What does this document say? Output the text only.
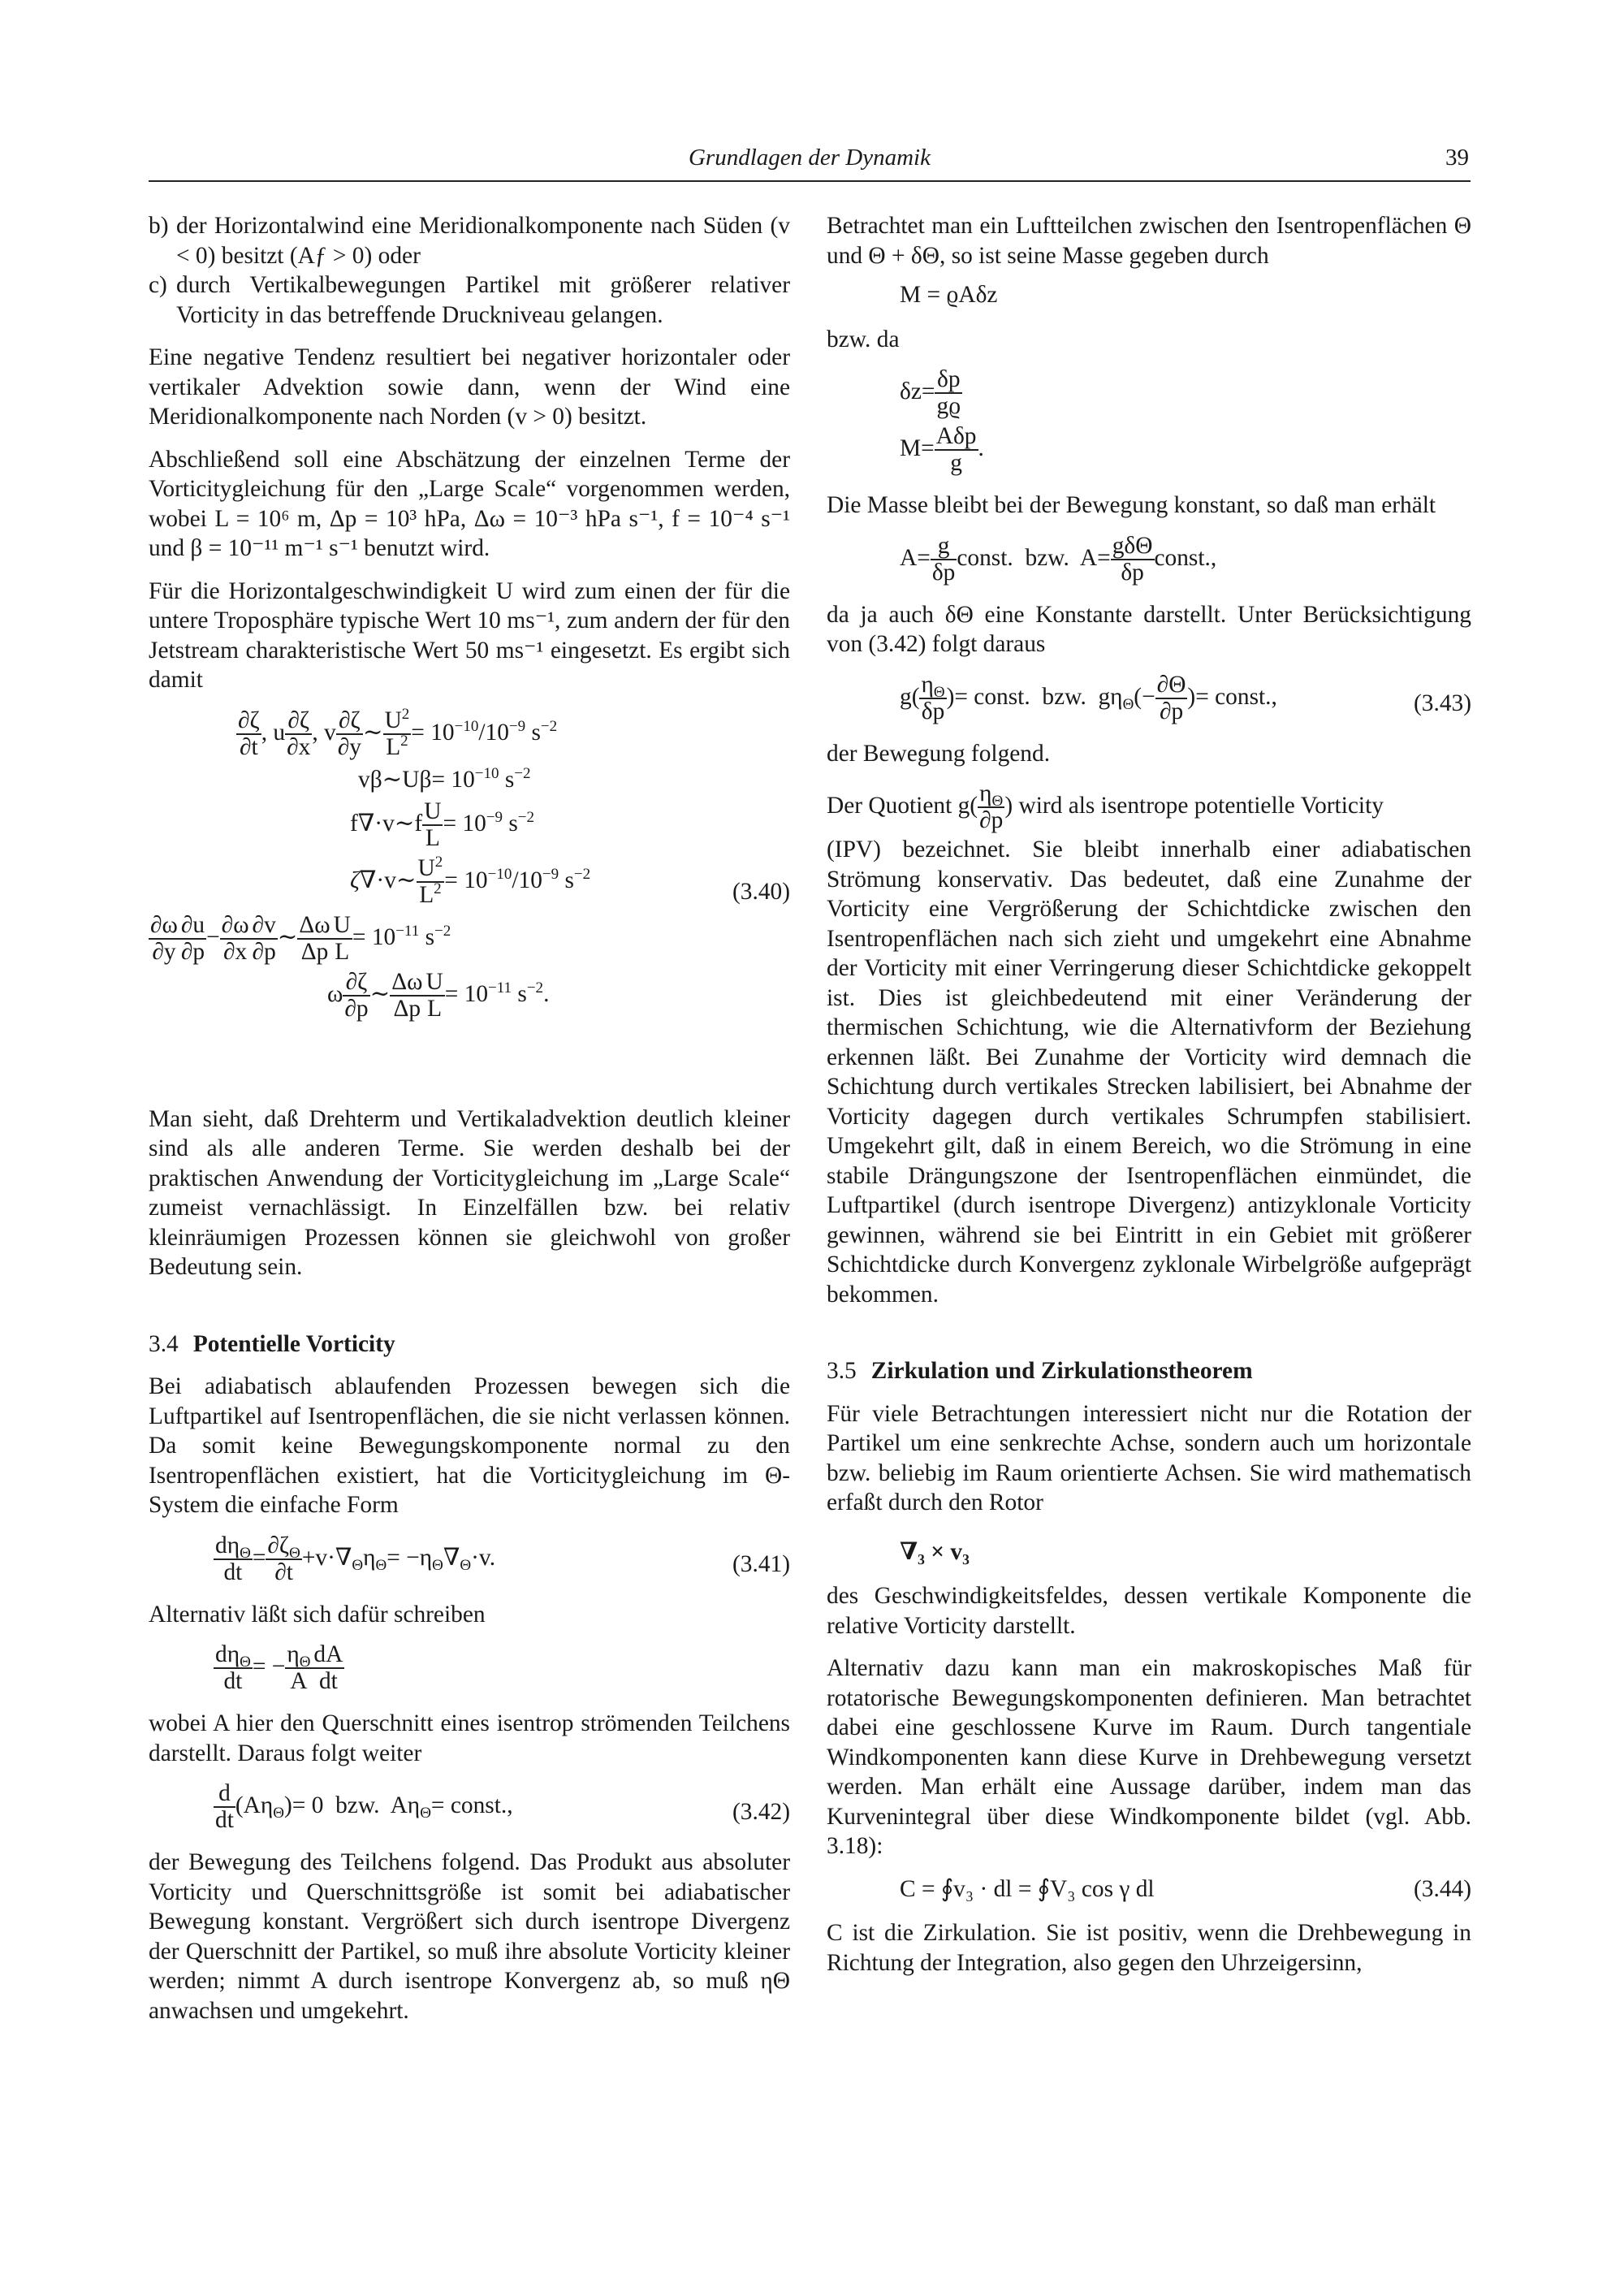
Grundlagen der Dynamik	39
b) der Horizontalwind eine Meridionalkomponente nach Süden (v < 0) besitzt (Aƒ > 0) oder
c) durch Vertikalbewegungen Partikel mit größerer relativer Vorticity in das betreffende Druckniveau gelangen.

Eine negative Tendenz resultiert bei negativer horizontaler oder vertikaler Advektion sowie dann, wenn der Wind eine Meridionalkomponente nach Norden (v > 0) besitzt.

Abschließend soll eine Abschätzung der einzelnen Terme der Vorticitygleichung für den „Large Scale“ vorgenommen werden, wobei L = 10⁶ m, Δp = 10³ hPa, Δω = 10⁻³ hPa s⁻¹, f = 10⁻⁴ s⁻¹ und β = 10⁻¹¹ m⁻¹ s⁻¹ benutzt wird.

Für die Horizontalgeschwindigkeit U wird zum einen der für die untere Troposphäre typische Wert 10 ms⁻¹, zum andern der für den Jetstream charakteristische Wert 50 ms⁻¹ eingesetzt. Es ergibt sich damit

$\frac{\partial\zeta}{\partial t}$ , u $\frac{\partial\zeta}{\partial x}$ , v $\frac{\partial\zeta}{\partial y}$ ∼ $\frac{U^2}{L^2} = 10^{-10}/10^{-9}$ $s^{-2}$
vβ∼Uβ= $10^{-10}$ $s^{-2}$
f∇·v∼f $\frac{U}{L} = 10^{-9}$ $s^{-2}$
ζ∇·v∼ $\frac{U^2}{L^2} = 10^{-10}/10^{-9}$ $s^{-2}$
$\frac{\partial\omega}{\partial y} \frac{\partial u}{\partial p} - \frac{\partial\omega}{\partial x} \frac{\partial v}{\partial p}$ ∼ $\frac{\Delta\omega}{\Delta p} \frac{U}{L} = 10^{-11}$ $s^{-2}$
ω $\frac{\partial\zeta}{\partial p}$ ∼ $\frac{\Delta\omega}{\Delta p} \frac{U}{L} = 10^{-11}$ $s^{-2}$.
(3.40)

Man sieht, daß Drehterm und Vertikaladvektion deutlich kleiner sind als alle anderen Terme. Sie werden deshalb bei der praktischen Anwendung der Vorticitygleichung im „Large Scale“ zumeist vernachlässigt. In Einzelfällen bzw. bei relativ kleinräumigen Prozessen können sie gleichwohl von großer Bedeutung sein.

3.4 Potentielle Vorticity

Bei adiabatisch ablaufenden Prozessen bewegen sich die Luftpartikel auf Isentropenflächen, die sie nicht verlassen können. Da somit keine Bewegungskomponente normal zu den Isentropenflächen existiert, hat die Vorticitygleichung im Θ-System die einfache Form

$\frac{d\eta_\Theta}{dt} = \frac{\partial\zeta_\Theta}{\partial t} +v\cdot\nabla_\Theta\eta_\Theta= -\eta_\Theta\nabla_\Theta\cdot v$.	(3.41)

Alternativ läßt sich dafür schreiben

$\frac{d\eta_\Theta}{dt}$ = − $\frac{\eta_\Theta}{A} \frac{dA}{dt}$

wobei A hier den Querschnitt eines isentrop strömenden Teilchens darstellt. Daraus folgt weiter

$\frac{d}{dt} (A\eta_\Theta)= 0$  bzw.  $A\eta_\Theta=$ const.,	(3.42)

der Bewegung des Teilchens folgend. Das Produkt aus absoluter Vorticity und Querschnittsgröße ist somit bei adiabatischer Bewegung konstant. Vergrößert sich durch isentrope Divergenz der Querschnitt der Partikel, so muß ihre absolute Vorticity kleiner werden; nimmt A durch isentrope Konvergenz ab, so muß ηΘ anwachsen und umgekehrt.

Betrachtet man ein Luftteilchen zwischen den Isentropenflächen Θ und Θ + δΘ, so ist seine Masse gegeben durch

M = ϱAδz

bzw. da

$\delta z= \frac{\delta p}{gϱ}$
$M= \frac{\text{Aδp}}{g}$ .

Die Masse bleibt bei der Bewegung konstant, so daß man erhält

$A= \frac{g}{\delta p}$ const.  bzw.  $A= \frac{\text{gδΘ}}{\delta p}$ const.,

da ja auch δΘ eine Konstante darstellt. Unter Berücksichtigung von (3.42) folgt daraus

$g( \frac{\eta_\Theta}{\delta p}$ )= const.  bzw.  $g\eta_\Theta(- \frac{\partial\Theta}{\partial p}$ )= const.,	(3.43)

der Bewegung folgend.

Der Quotient $g( \frac{\eta_\Theta}{\partial p}$ ) wird als isentrope potentielle Vorticity

(IPV) bezeichnet. Sie bleibt innerhalb einer adiabatischen Strömung konservativ. Das bedeutet, daß eine Zunahme der Vorticity eine Vergrößerung der Schichtdicke zwischen den Isentropenflächen nach sich zieht und umgekehrt eine Abnahme der Vorticity mit einer Verringerung dieser Schichtdicke gekoppelt ist. Dies ist gleichbedeutend mit einer Veränderung der thermischen Schichtung, wie die Alternativform der Beziehung erkennen läßt. Bei Zunahme der Vorticity wird demnach die Schichtung durch vertikales Strecken labilisiert, bei Abnahme der Vorticity dagegen durch vertikales Schrumpfen stabilisiert. Umgekehrt gilt, daß in einem Bereich, wo die Strömung in eine stabile Drängungszone der Isentropenflächen einmündet, die Luftpartikel (durch isentrope Divergenz) antizyklonale Vorticity gewinnen, während sie bei Eintritt in ein Gebiet mit größerer Schichtdicke durch Konvergenz zyklonale Wirbelgröße aufgeprägt bekommen.

3.5 Zirkulation und Zirkulationstheorem

Für viele Betrachtungen interessiert nicht nur die Rotation der Partikel um eine senkrechte Achse, sondern auch um horizontale bzw. beliebig im Raum orientierte Achsen. Sie wird mathematisch erfaßt durch den Rotor

∇₃ × v₃

des Geschwindigkeitsfeldes, dessen vertikale Komponente die relative Vorticity darstellt.

Alternativ dazu kann man ein makroskopisches Maß für rotatorische Bewegungskomponenten definieren. Man betrachtet dabei eine geschlossene Kurve im Raum. Durch tangentiale Windkomponenten kann diese Kurve in Drehbewegung versetzt werden. Man erhält eine Aussage darüber, indem man das Kurvenintegral über diese Windkomponente bildet (vgl. Abb. 3.18):

C = ∮v₃ · dl = ∮V₃ cos γ dl	(3.44)

C ist die Zirkulation. Sie ist positiv, wenn die Drehbewegung in Richtung der Integration, also gegen den Uhrzeigersinn,
